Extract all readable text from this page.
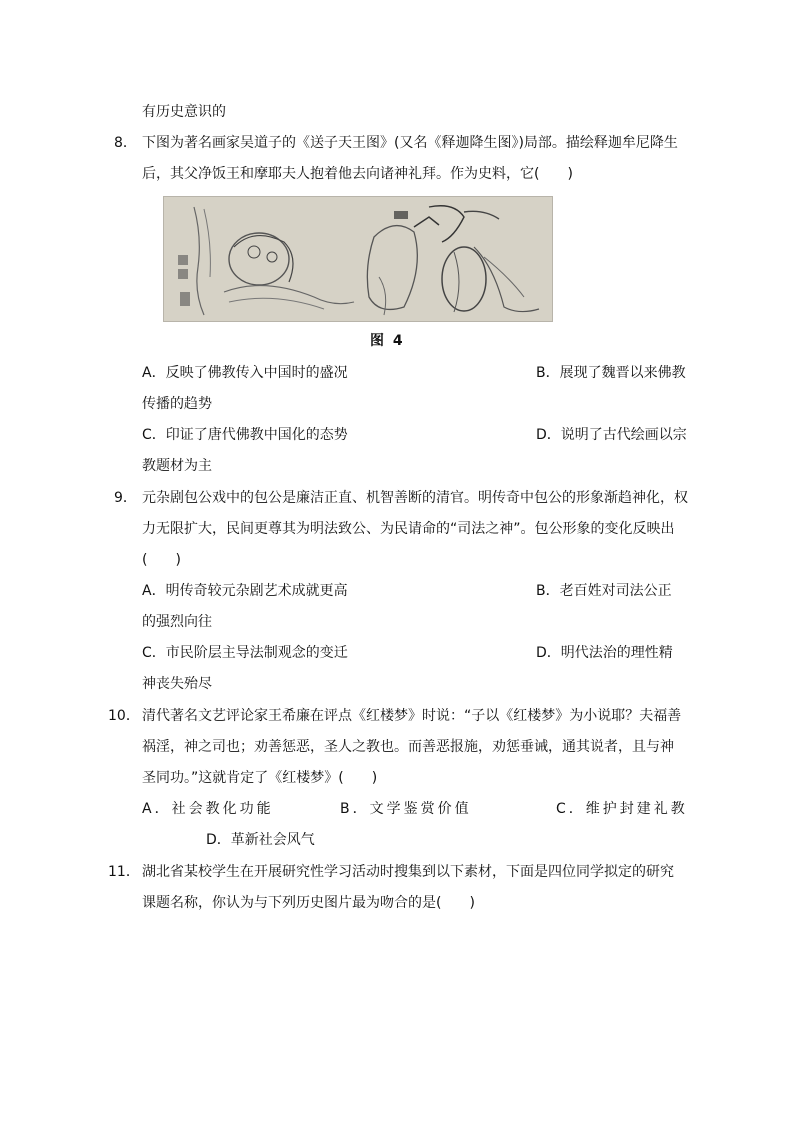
有历史意识的
8． 下图为著名画家吴道子的《送子天王图》(又名《释迦降生图》)局部。描绘释迦牟尼降生
后，其父净饭王和摩耶夫人抱着他去向诸神礼拜。作为史料，它(　　)
图 4
A．反映了佛教传入中国时的盛况	B．展现了魏晋以来佛教
传播的趋势
C．印证了唐代佛教中国化的态势	D．说明了古代绘画以宗
教题材为主
9． 元杂剧包公戏中的包公是廉洁正直、机智善断的清官。明传奇中包公的形象渐趋神化，权
力无限扩大，民间更尊其为明法致公、为民请命的“司法之神”。包公形象的变化反映出
(　　)
A．明传奇较元杂剧艺术成就更高	B．老百姓对司法公正
的强烈向往
C．市民阶层主导法制观念的变迁	D．明代法治的理性精
神丧失殆尽
10． 清代著名文艺评论家王希廉在评点《红楼梦》时说：“子以《红楼梦》为小说耶？夫福善
祸淫，神之司也；劝善惩恶，圣人之教也。而善恶报施，劝惩垂诫，通其说者，且与神
圣同功。”这就肯定了《红楼梦》(　　)
A．社会教化功能	B．文学鉴赏价值	C．维护封建礼教
D．革新社会风气
11． 湖北省某校学生在开展研究性学习活动时搜集到以下素材，下面是四位同学拟定的研究
课题名称，你认为与下列历史图片最为吻合的是(　　)
